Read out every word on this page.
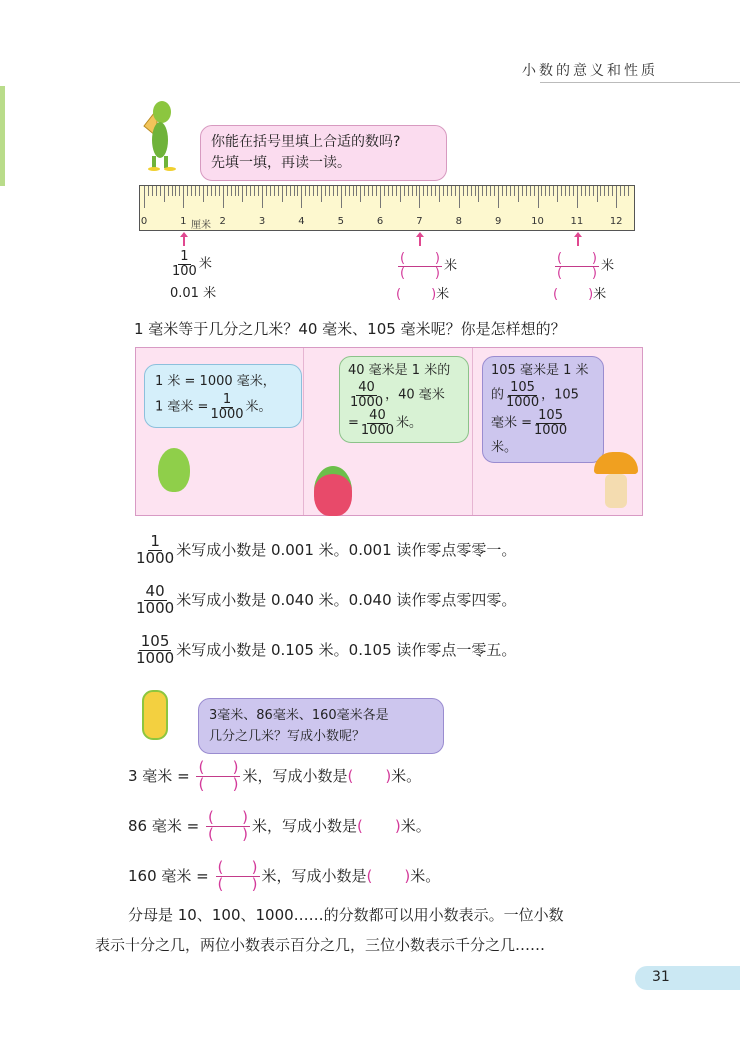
小数的意义和性质
你能在括号里填上合适的数吗?
先填一填，再读一读。
厘米
0	1	2	3	4	5	6	7	8	9	10	11	12
$\frac{1}{100}$ 米
0.01 米
$\frac{( )}{( )}$ 米
( )米
$\frac{( )}{( )}$ 米
( )米
1 毫米等于几分之几米？40 毫米、105 毫米呢？你是怎样想的？
1 米 = 1000 毫米，
1 毫米 = $\frac{1}{1000}$ 米。
40 毫米是 1 米的
$\frac{40}{1000}$ ，40 毫米
= $\frac{40}{1000}$ 米。
105 毫米是 1 米
的 $\frac{105}{1000}$ ，105
毫米 = $\frac{105}{1000}$
米。
$\frac{1}{1000}$ 米写成小数是 0.001 米。0.001 读作零点零零一。
$\frac{40}{1000}$ 米写成小数是 0.040 米。0.040 读作零点零四零。
$\frac{105}{1000}$ 米写成小数是 0.105 米。0.105 读作零点一零五。
3毫米、86毫米、160毫米各是
几分之几米？写成小数呢？
3 毫米 = $\frac{( )}{( )}$ 米，写成小数是( )米。
86 毫米 = $\frac{( )}{( )}$ 米，写成小数是( )米。
160 毫米 = $\frac{( )}{( )}$ 米，写成小数是( )米。
分母是 10、100、1000……的分数都可以用小数表示。一位小数
表示十分之几，两位小数表示百分之几，三位小数表示千分之几……
31
